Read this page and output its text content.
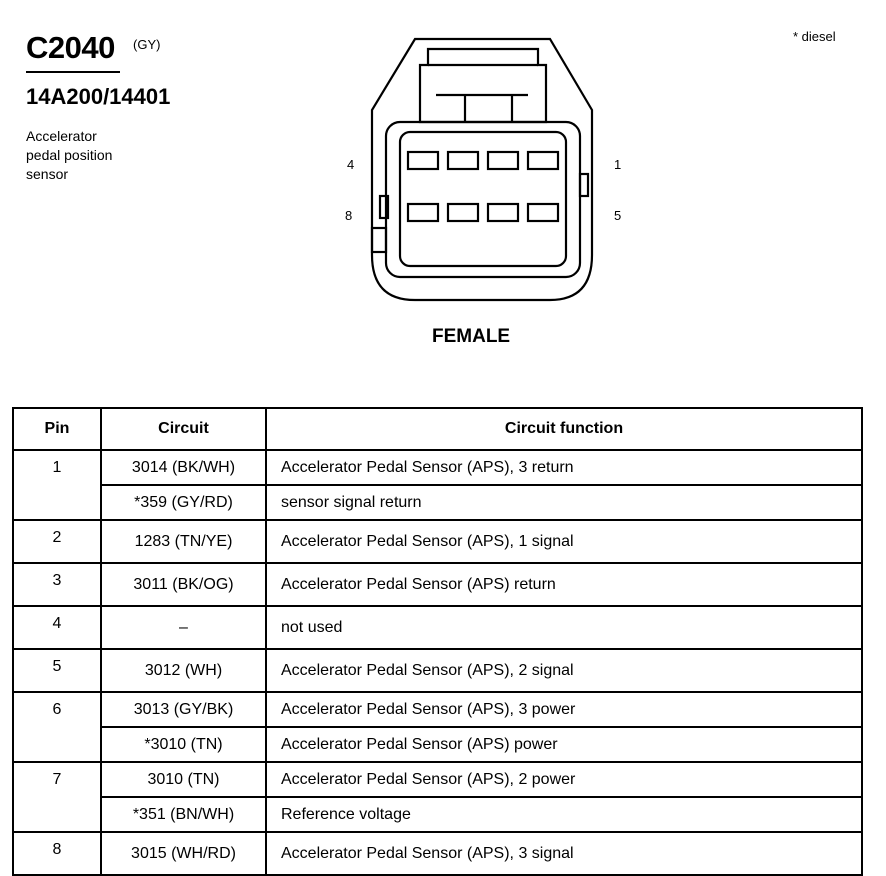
C2040 (GY)
14A200/14401
Accelerator
pedal position
sensor
* diesel
4	1
8	5
FEMALE
Pin	Circuit	Circuit function
1	3014 (BK/WH)	Accelerator Pedal Sensor (APS), 3 return
	*359 (GY/RD)	sensor signal return
2	1283 (TN/YE)	Accelerator Pedal Sensor (APS), 1 signal
3	3011 (BK/OG)	Accelerator Pedal Sensor (APS) return
4	–	not used
5	3012 (WH)	Accelerator Pedal Sensor (APS), 2 signal
6	3013 (GY/BK)	Accelerator Pedal Sensor (APS), 3 power
	*3010 (TN)	Accelerator Pedal Sensor (APS) power
7	3010 (TN)	Accelerator Pedal Sensor (APS), 2 power
	*351 (BN/WH)	Reference voltage
8	3015 (WH/RD)	Accelerator Pedal Sensor (APS), 3 signal
